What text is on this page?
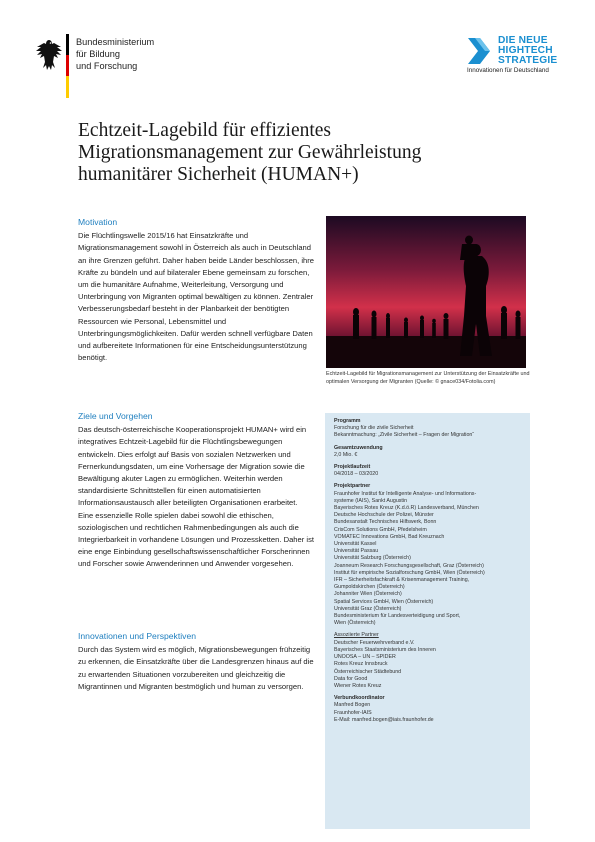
Bundesministerium
für Bildung
und Forschung
DIE NEUE
HIGHTECH
STRATEGIE
Innovationen für Deutschland
Echtzeit-Lagebild für effizientes Migrationsmanagement zur Gewährleistung humanitärer Sicherheit (HUMAN+)
Motivation
Die Flüchtlingswelle 2015/16 hat Einsatzkräfte und Migrationsmanagement sowohl in Österreich als auch in Deutschland an ihre Grenzen geführt. Daher haben beide Länder beschlossen, ihre Kräfte zu bündeln und auf bilateraler Ebene gemeinsam zu forschen, um die humanitäre Aufnahme, Weiterleitung, Versorgung und Unterbringung von Migranten optimal bewältigen zu können. Zentraler Verbesserungsbedarf besteht in der Planbarkeit der benötigten Ressourcen wie Personal, Lebensmittel und Unterbringungsmöglichkeiten. Dafür werden schnell verfügbare Daten und aufbereitete Informationen für eine Entscheidungsunterstützung benötigt.
Ziele und Vorgehen
Das deutsch-österreichische Kooperationsprojekt HUMAN+ wird ein integratives Echtzeit-Lagebild für die Flüchtlingsbewegungen entwickeln. Dies erfolgt auf Basis von sozialen Netzwerken und Fernerkundungsdaten, um eine Vorhersage der Migration sowie die Bewältigung akuter Lagen zu ermöglichen. Weiterhin werden standardisierte Schnittstellen für einen automatisierten Informationsaustausch aller beteiligten Organisationen erarbeitet. Eine essenzielle Rolle spielen dabei sowohl die ethischen, soziologischen und rechtlichen Rahmenbedingungen als auch die Integrierbarkeit in vorhandene Lösungen und Prozessketten. Daher ist eine enge Einbindung gesellschaftswissenschaftlicher Forscherinnen und Forscher sowie Anwenderinnen und Anwender vorgesehen.
Innovationen und Perspektiven
Durch das System wird es möglich, Migrationsbewegungen frühzeitig zu erkennen, die Einsatzkräfte über die Landesgrenzen hinaus auf die zu erwartenden Situationen vorzubereiten und gleichzeitig die Migrantinnen und Migranten bestmöglich und human zu versorgen.
Echtzeit-Lagebild für Migrationsmanagement zur Unterstützung der Einsatzkräfte und optimalen Versorgung der Migranten (Quelle: © gnace034/Fotolia.com)
Programm
Forschung für die zivile Sicherheit
Bekanntmachung: „Zivile Sicherheit – Fragen der Migration“
Gesamtzuwendung
2,0 Mio. €
Projektlaufzeit
04/2018 – 03/2020
Projektpartner
Fraunhofer Institut für Intelligente Analyse- und Informations-
systeme (IAIS), Sankt Augustin
Bayerisches Rotes Kreuz (K.d.ö.R) Landesverband, München
Deutsche Hochschule der Polizei, Münster
Bundesanstalt Technisches Hilfswerk, Bonn
CrisCom Solutions GmbH, Pfedelsheim
VOMATEC Innovations GmbH, Bad Kreuznach
Universität Kassel
Universität Passau
Universität Salzburg (Österreich)
Joanneum Research Forschungsgesellschaft, Graz (Österreich)
Institut für empirische Sozialforschung GmbH, Wien (Österreich)
IFR – Sicherheitsfachkraft & Krisenmanagement Training,
Gumpoldskirchen (Österreich)
Johanniter Wien (Österreich)
Spatial Services GmbH, Wien (Österreich)
Universität Graz (Österreich)
Bundesministerium für Landesverteidigung und Sport,
Wien (Österreich)
Assoziierte Partner
Deutscher Feuerwehrverband e.V.
Bayerisches Staatsministerium des Inneren
UNOOSA – UN – SPIDER
Rotes Kreuz Innsbruck
Österreichischer Städtebund
Data for Good
Wiener Rotes Kreuz
Verbundkoordinator
Manfred Bogen
Fraunhofer-IAIS
E-Mail: manfred.bogen@iais.fraunhofer.de
